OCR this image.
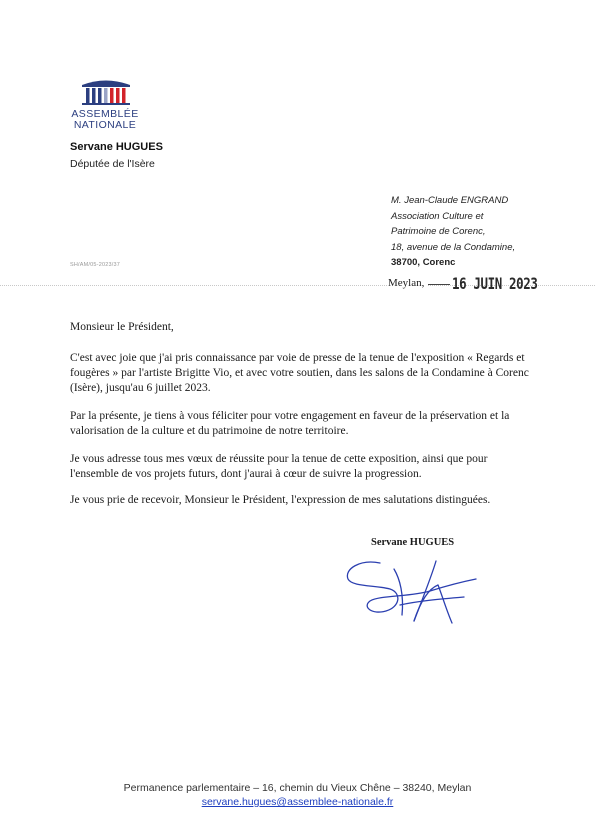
ASSEMBLÉE
NATIONALE
Servane HUGUES
Députée de l'Isère
M. Jean-Claude ENGRAND
Association Culture et
Patrimoine de Corenc,
18, avenue de la Condamine,
38700, Corenc
SH/AM/05-2023/37
Meylan, 16 JUIN 2023
Monsieur le Président,
C'est avec joie que j'ai pris connaissance par voie de presse de la tenue de l'exposition « Regards et fougères » par l'artiste Brigitte Vio, et avec votre soutien, dans les salons de la Condamine à Corenc (Isère), jusqu'au 6 juillet 2023.
Par la présente, je tiens à vous féliciter pour votre engagement en faveur de la préservation et la valorisation de la culture et du patrimoine de notre territoire.
Je vous adresse tous mes vœux de réussite pour la tenue de cette exposition, ainsi que pour l'ensemble de vos projets futurs, dont j'aurai à cœur de suivre la progression.
Je vous prie de recevoir, Monsieur le Président, l'expression de mes salutations distinguées.
Servane HUGUES
Permanence parlementaire – 16, chemin du Vieux Chêne – 38240, Meylan
servane.hugues@assemblee-nationale.fr
